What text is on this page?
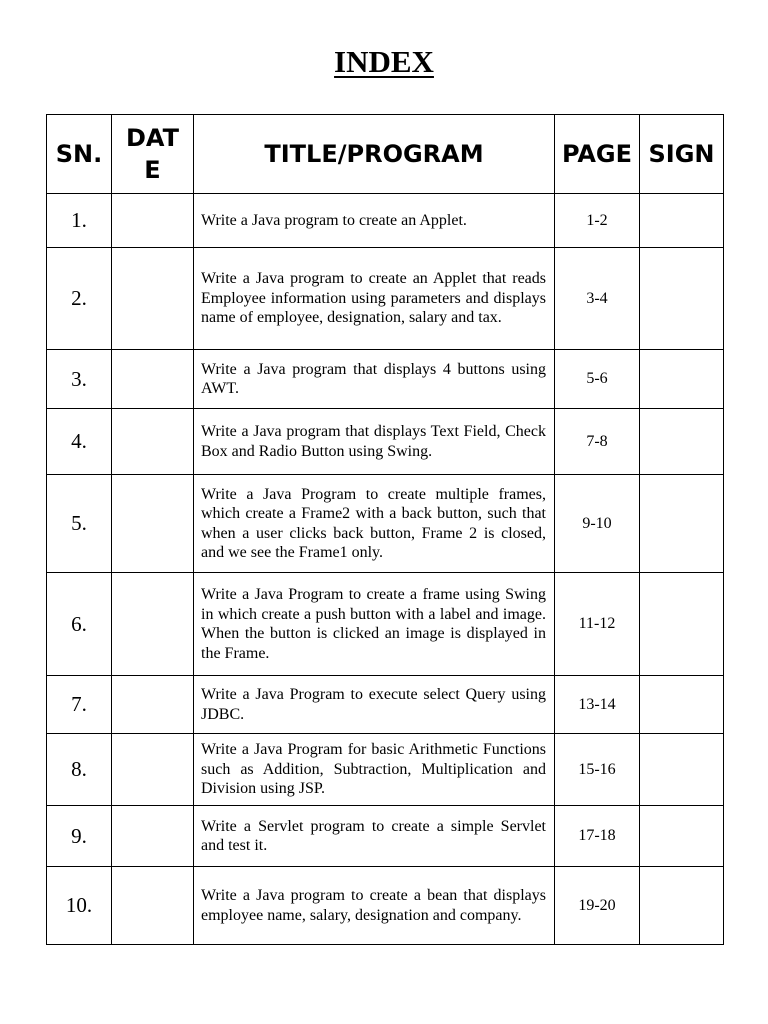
INDEX
SN.	DATE	TITLE/PROGRAM	PAGE	SIGN
1.		Write a Java program to create an Applet.	1-2	
2.		Write a Java program to create an Applet that reads Employee information using parameters and displays name of employee, designation, salary and tax.	3-4	
3.		Write a Java program that displays 4 buttons using AWT.	5-6	
4.		Write a Java program that displays Text Field, Check Box and Radio Button using Swing.	7-8	
5.		Write a Java Program to create multiple frames, which create a Frame2 with a back button, such that when a user clicks back button, Frame 2 is closed, and we see the Frame1 only.	9-10	
6.		Write a Java Program to create a frame using Swing in which create a push button with a label and image. When the button is clicked an image is displayed in the Frame.	11-12	
7.		Write a Java Program to execute select Query using JDBC.	13-14	
8.		Write a Java Program for basic Arithmetic Functions such as Addition, Subtraction, Multiplication and Division using JSP.	15-16	
9.		Write a Servlet program to create a simple Servlet and test it.	17-18	
10.		Write a Java program to create a bean that displays employee name, salary, designation and company.	19-20	
